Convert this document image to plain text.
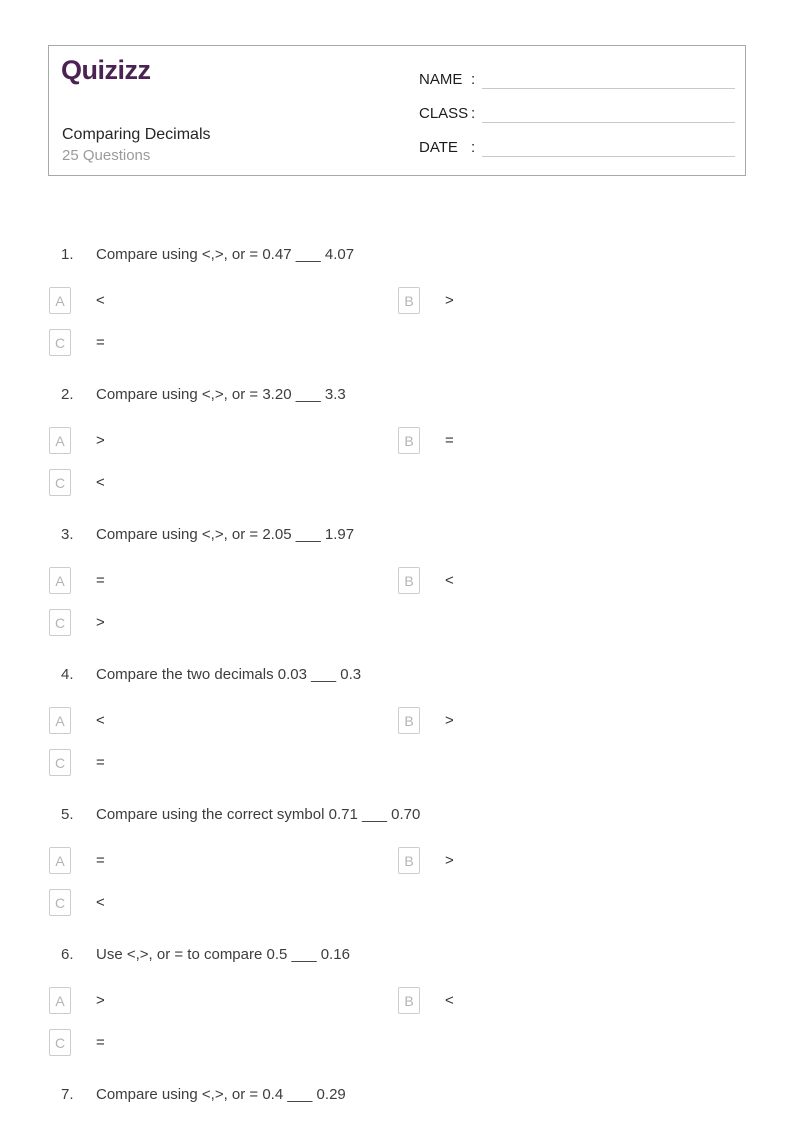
Quizizz
Comparing Decimals
25 Questions
NAME :
CLASS :
DATE :
1.	Compare using <,>, or = 0.47 ___ 4.07
A	<	B	>
C	=
2.	Compare using <,>, or = 3.20 ___ 3.3
A	>	B	=
C	<
3.	Compare using <,>, or = 2.05 ___ 1.97
A	=	B	<
C	>
4.	Compare the two decimals 0.03 ___ 0.3
A	<	B	>
C	=
5.	Compare using the correct symbol 0.71 ___ 0.70
A	=	B	>
C	<
6.	Use <,>, or = to compare 0.5 ___ 0.16
A	>	B	<
C	=
7.	Compare using <,>, or = 0.4 ___ 0.29
